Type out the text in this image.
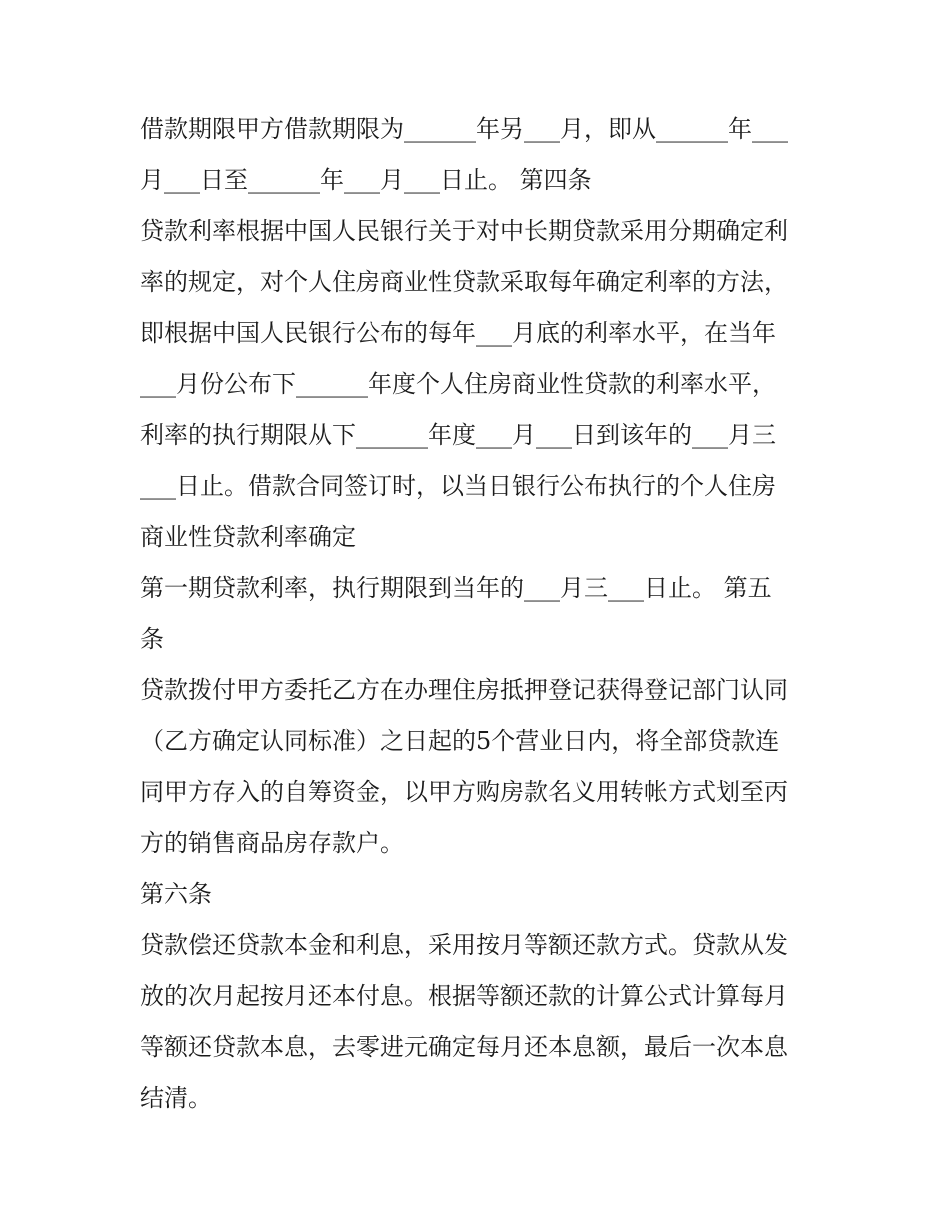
借款期限甲方借款期限为______年另___月，即从______年___
月___日至______年___月___日止。 第四条
贷款利率根据中国人民银行关于对中长期贷款采用分期确定利
率的规定，对个人住房商业性贷款采取每年确定利率的方法，
即根据中国人民银行公布的每年___月底的利率水平，在当年
___月份公布下______年度个人住房商业性贷款的利率水平，
利率的执行期限从下______年度___月___日到该年的___月三
___日止。借款合同签订时，以当日银行公布执行的个人住房
商业性贷款利率确定
第一期贷款利率，执行期限到当年的___月三___日止。 第五
条
贷款拨付甲方委托乙方在办理住房抵押登记获得登记部门认同
（乙方确定认同标准）之日起的5个营业日内，将全部贷款连
同甲方存入的自筹资金，以甲方购房款名义用转帐方式划至丙
方的销售商品房存款户。
第六条
贷款偿还贷款本金和利息，采用按月等额还款方式。贷款从发
放的次月起按月还本付息。根据等额还款的计算公式计算每月
等额还贷款本息，去零进元确定每月还本息额，最后一次本息
结清。
